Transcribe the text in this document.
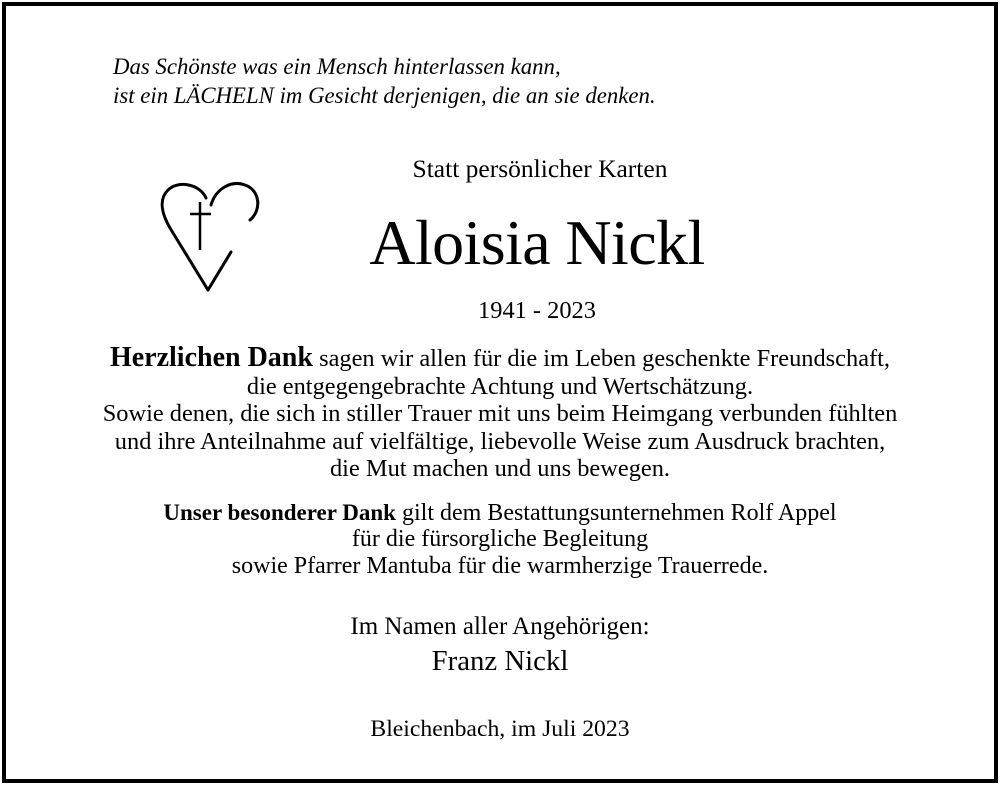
Das Schönste was ein Mensch hinterlassen kann,
ist ein LÄCHELN im Gesicht derjenigen, die an sie denken.
Statt persönlicher Karten
Aloisia Nickl
1941 - 2023
Herzlichen Dank sagen wir allen für die im Leben geschenkte Freundschaft,
die entgegengebrachte Achtung und Wertschätzung.
Sowie denen, die sich in stiller Trauer mit uns beim Heimgang verbunden fühlten
und ihre Anteilnahme auf vielfältige, liebevolle Weise zum Ausdruck brachten,
die Mut machen und uns bewegen.
Unser besonderer Dank gilt dem Bestattungsunternehmen Rolf Appel
für die fürsorgliche Begleitung
sowie Pfarrer Mantuba für die warmherzige Trauerrede.
Im Namen aller Angehörigen:
Franz Nickl
Bleichenbach, im Juli 2023
